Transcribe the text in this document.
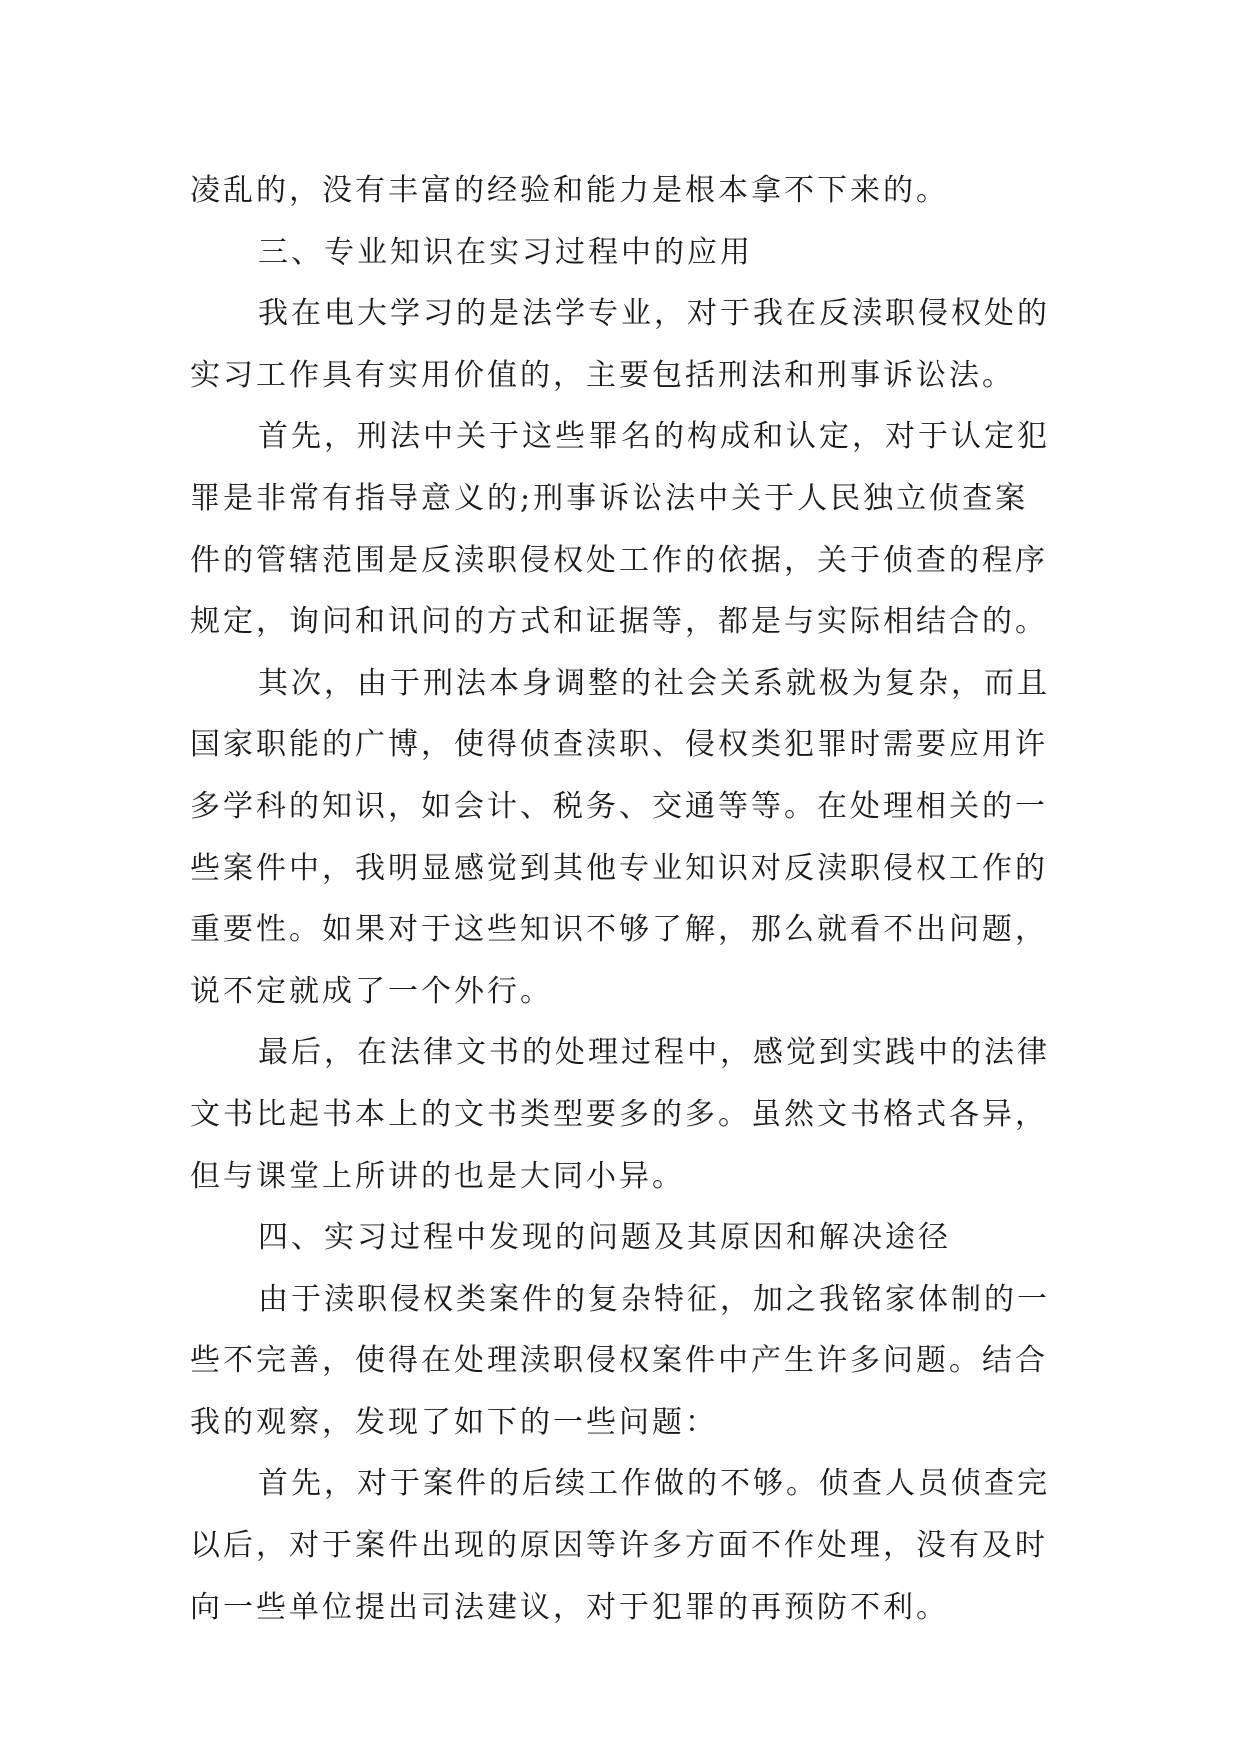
凌乱的，没有丰富的经验和能力是根本拿不下来的。
三、专业知识在实习过程中的应用
我在电大学习的是法学专业，对于我在反渎职侵权处的
实习工作具有实用价值的，主要包括刑法和刑事诉讼法。
首先，刑法中关于这些罪名的构成和认定，对于认定犯
罪是非常有指导意义的;刑事诉讼法中关于人民独立侦查案
件的管辖范围是反渎职侵权处工作的依据，关于侦查的程序
规定，询问和讯问的方式和证据等，都是与实际相结合的。
其次，由于刑法本身调整的社会关系就极为复杂，而且
国家职能的广博，使得侦查渎职、侵权类犯罪时需要应用许
多学科的知识，如会计、税务、交通等等。在处理相关的一
些案件中，我明显感觉到其他专业知识对反渎职侵权工作的
重要性。如果对于这些知识不够了解，那么就看不出问题，
说不定就成了一个外行。
最后，在法律文书的处理过程中，感觉到实践中的法律
文书比起书本上的文书类型要多的多。虽然文书格式各异，
但与课堂上所讲的也是大同小异。
四、实习过程中发现的问题及其原因和解决途径
由于渎职侵权类案件的复杂特征，加之我铭家体制的一
些不完善，使得在处理渎职侵权案件中产生许多问题。结合
我的观察，发现了如下的一些问题：
首先，对于案件的后续工作做的不够。侦查人员侦查完
以后，对于案件出现的原因等许多方面不作处理，没有及时
向一些单位提出司法建议，对于犯罪的再预防不利。
